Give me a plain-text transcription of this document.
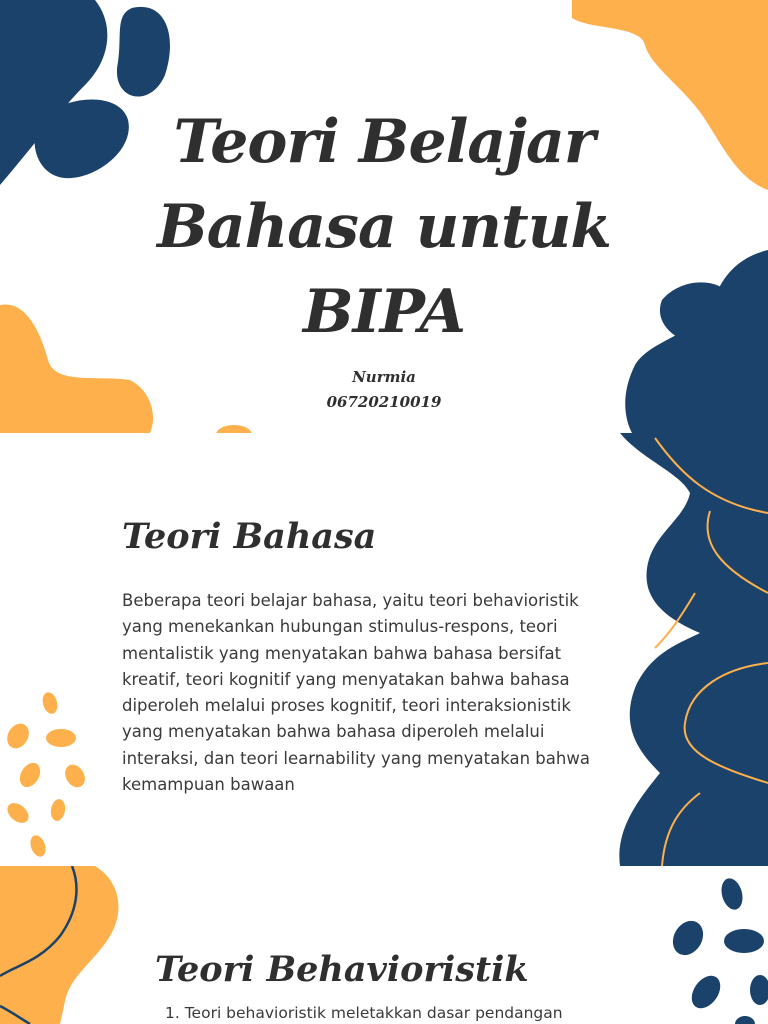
Teori Belajar
Bahasa untuk
BIPA

Nurmia

06720210019

Teori Bahasa

Beberapa teori belajar bahasa, yaitu teori behavioristik
yang menekankan hubungan stimulus-respons, teori
mentalistik yang menyatakan bahwa bahasa bersifat
kreatif, teori kognitif yang menyatakan bahwa bahasa
diperoleh melalui proses kognitif, teori interaksionistik
yang menyatakan bahwa bahasa diperoleh melalui
interaksi, dan teori learnability yang menyatakan bahwa
kemampuan bawaan

Teori Behavioristik
1. Teori behavioristik meletakkan dasar pendangan
